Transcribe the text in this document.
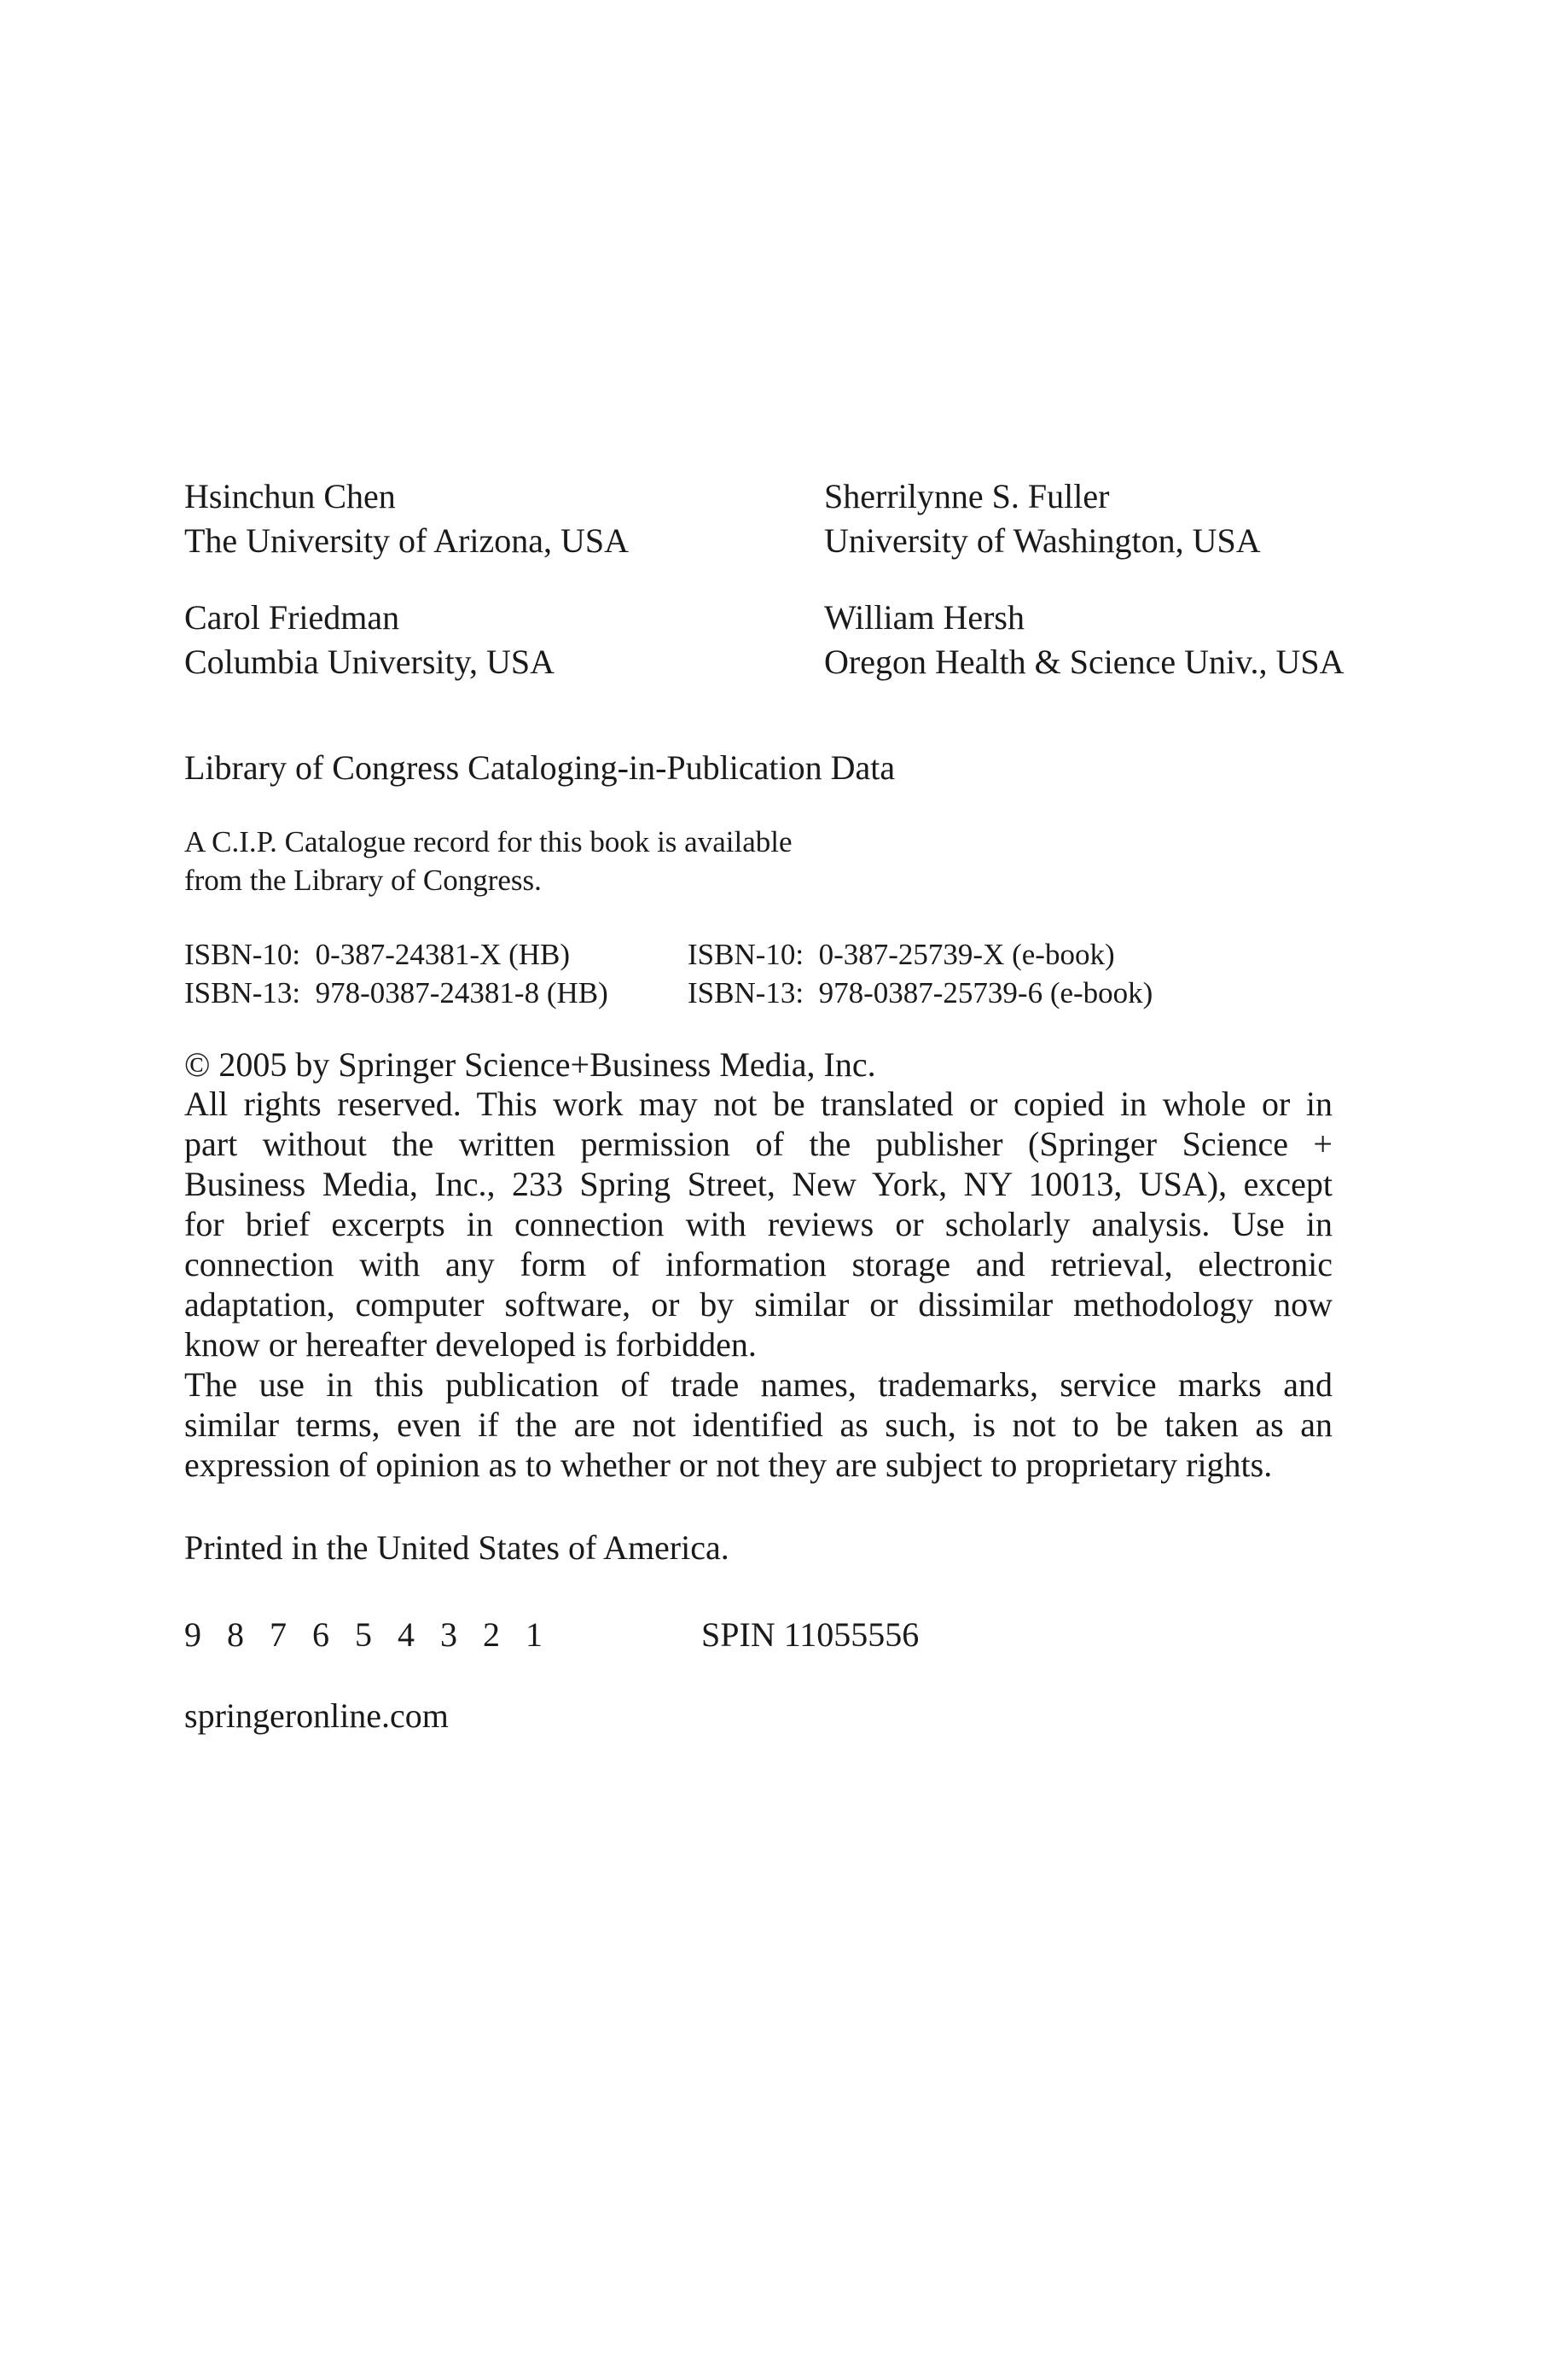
Hsinchun Chen
The University of Arizona, USA
Carol Friedman
Columbia University, USA
Sherrilynne S. Fuller
University of Washington, USA
William Hersh
Oregon Health & Science Univ., USA
Library of Congress Cataloging-in-Publication Data
A C.I.P. Catalogue record for this book is available
from the Library of Congress.
ISBN-10: 0-387-24381-X (HB)
ISBN-13: 978-0387-24381-8 (HB)
ISBN-10: 0-387-25739-X (e-book)
ISBN-13: 978-0387-25739-6 (e-book)
© 2005 by Springer Science+Business Media, Inc.
All rights reserved. This work may not be translated or copied in whole or in
part without the written permission of the publisher (Springer Science +
Business Media, Inc., 233 Spring Street, New York, NY 10013, USA), except
for brief excerpts in connection with reviews or scholarly analysis. Use in
connection with any form of information storage and retrieval, electronic
adaptation, computer software, or by similar or dissimilar methodology now
know or hereafter developed is forbidden.
The use in this publication of trade names, trademarks, service marks and
similar terms, even if the are not identified as such, is not to be taken as an
expression of opinion as to whether or not they are subject to proprietary rights.
Printed in the United States of America.
9 8 7 6 5 4 3 2 1	SPIN 11055556
springeronline.com
